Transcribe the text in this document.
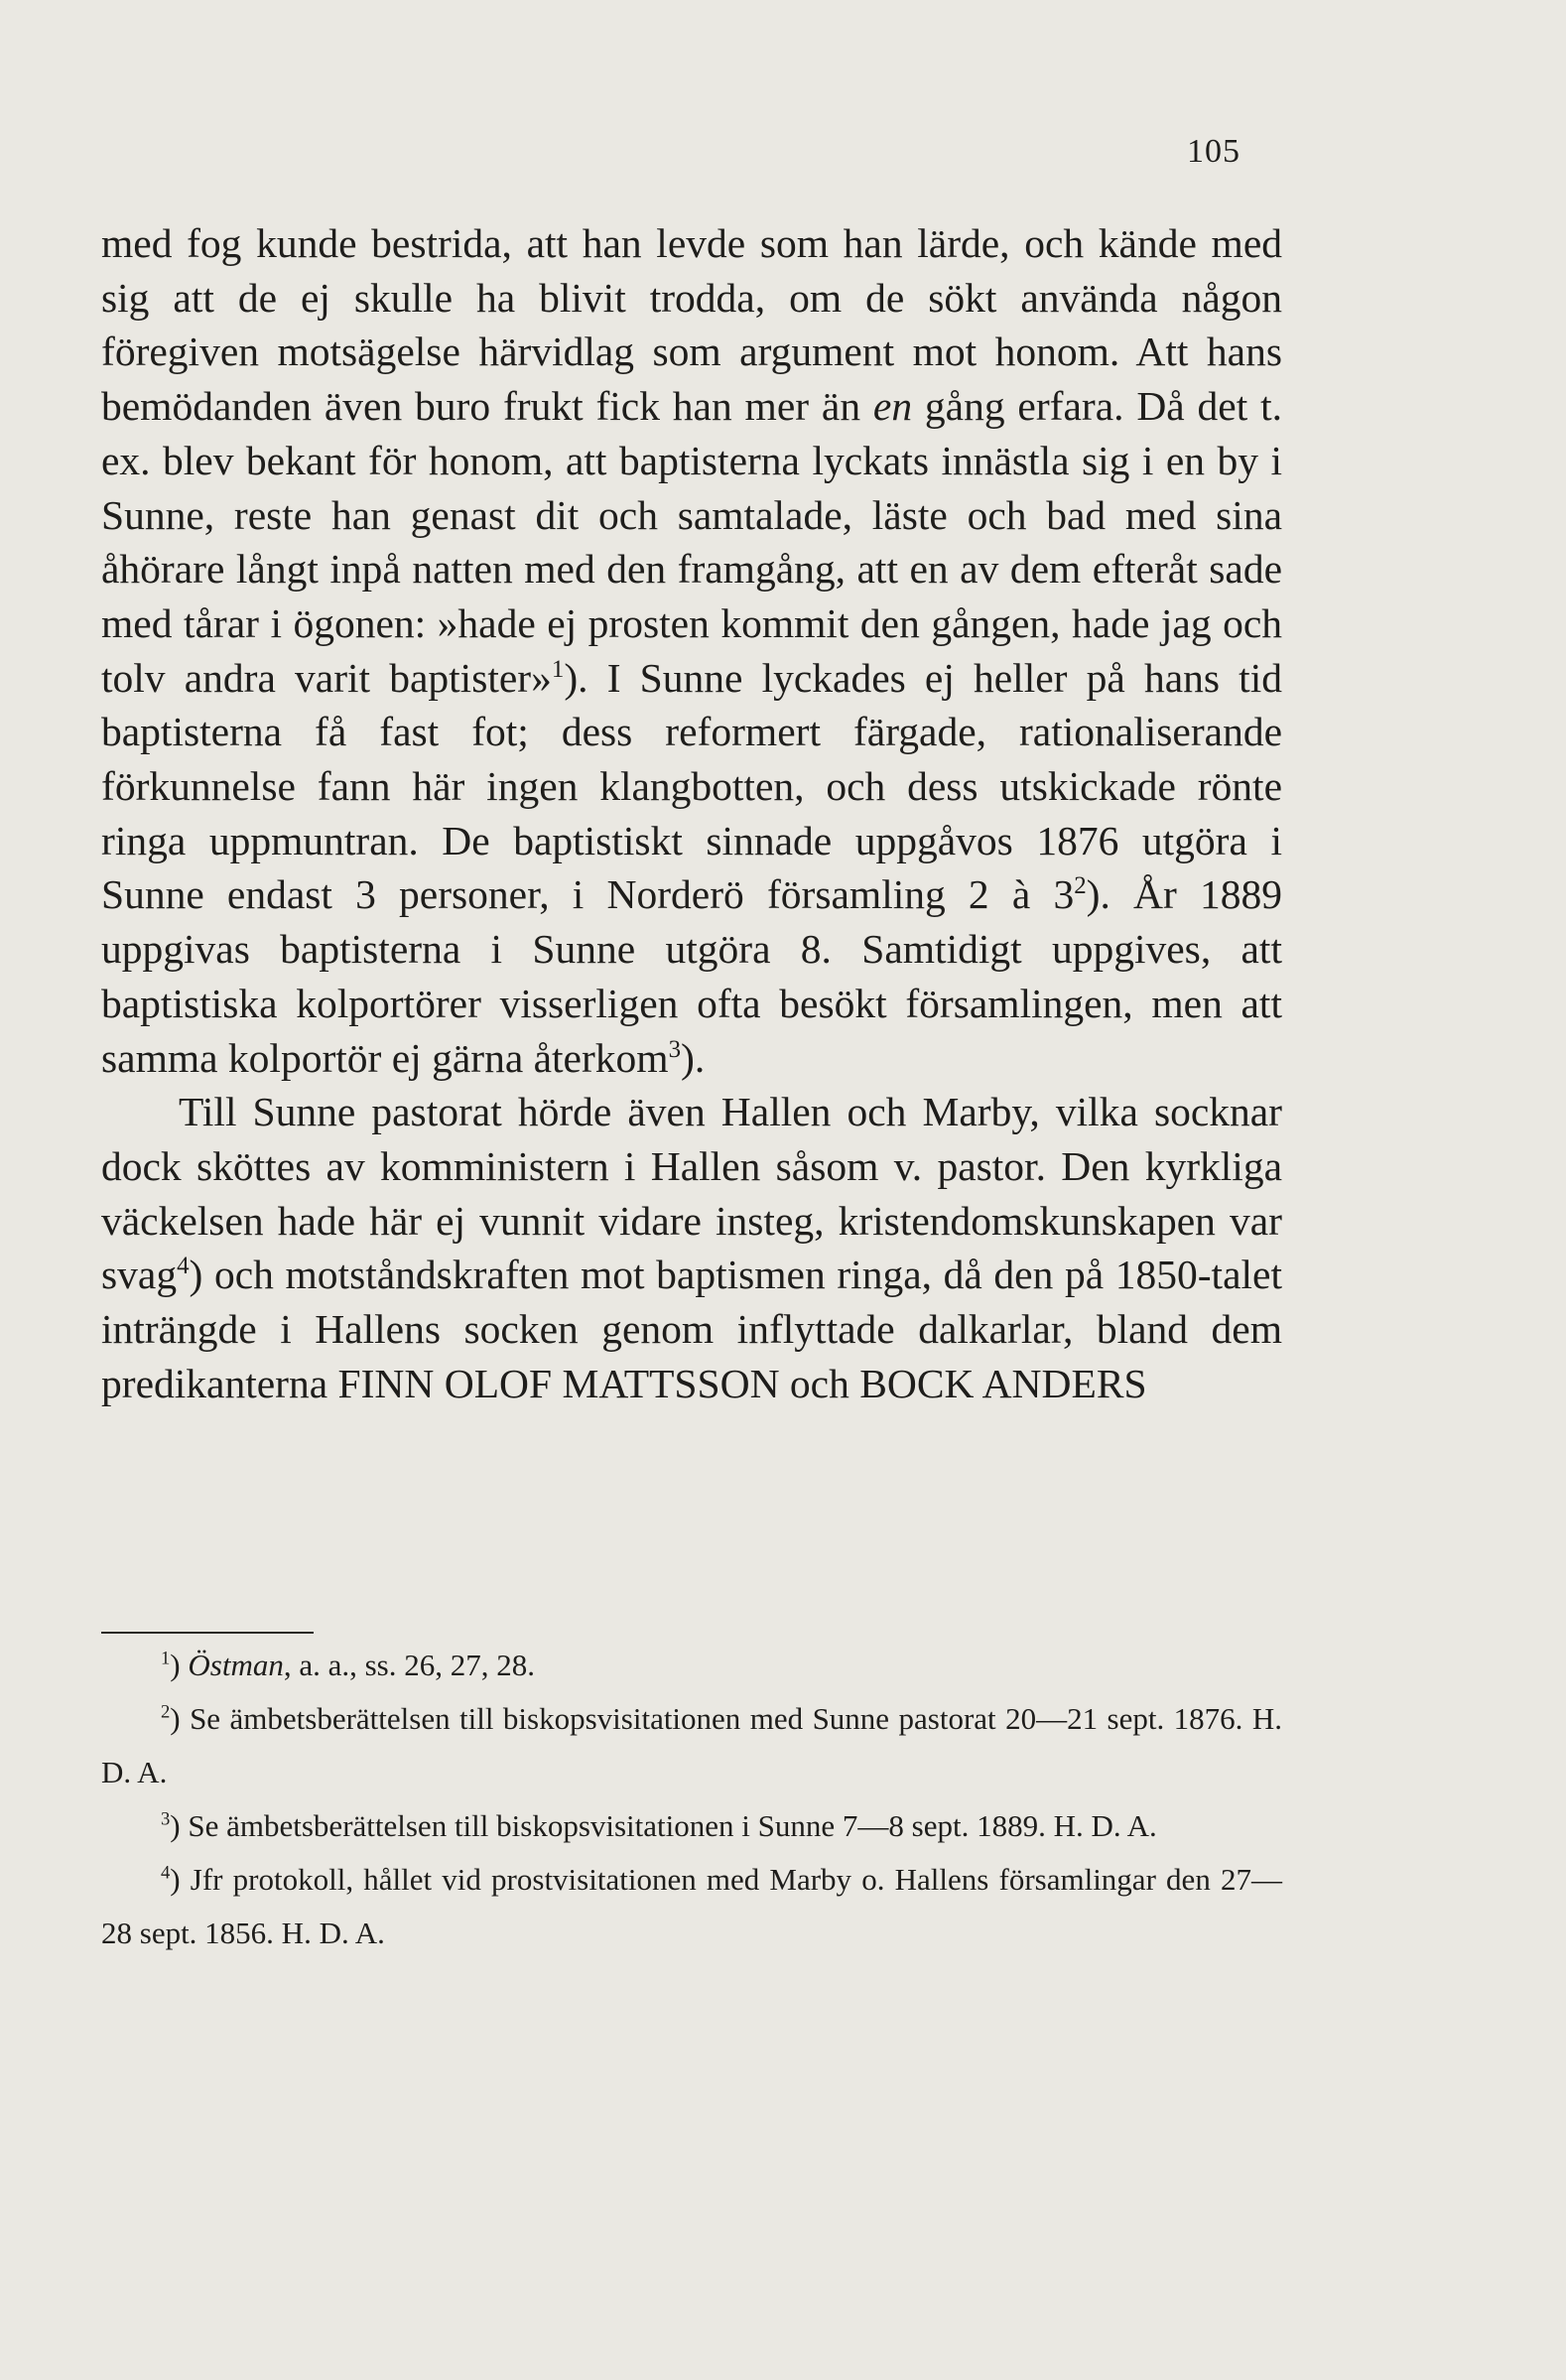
105

med fog kunde bestrida, att han levde som han lärde, och kände med sig att de ej skulle ha blivit trodda, om de sökt använda någon föregiven motsägelse härvidlag som argument mot honom. Att hans bemödanden även buro frukt fick han mer än en gång erfara. Då det t. ex. blev bekant för honom, att baptisterna lyckats innästla sig i en by i Sunne, reste han genast dit och samtalade, läste och bad med sina åhörare långt inpå natten med den framgång, att en av dem efteråt sade med tårar i ögonen: »hade ej prosten kommit den gången, hade jag och tolv andra varit baptister»$^1$). I Sunne lyckades ej heller på hans tid baptisterna få fast fot; dess reformert färgade, rationaliserande förkunnelse fann här ingen klangbotten, och dess utskickade rönte ringa uppmuntran. De baptistiskt sinnade uppgåvos 1876 utgöra i Sunne endast 3 personer, i Norderö församling 2 à $3^2$). År 1889 uppgivas baptisterna i Sunne utgöra 8. Samtidigt uppgives, att baptistiska kolportörer visserligen ofta besökt församlingen, men att samma kolportör ej gärna återkom$^3$).

Till Sunne pastorat hörde även Hallen och Marby, vilka socknar dock sköttes av komministern i Hallen såsom v. pastor. Den kyrkliga väckelsen hade här ej vunnit vidare insteg, kristendomskunskapen var svag$^4$) och motståndskraften mot baptismen ringa, då den på 1850-talet inträngde i Hallens socken genom inflyttade dalkarlar, bland dem predikanterna FINN OLOF MATTSSON och BOCK ANDERS

$^1$) Östman, a. a., ss. 26, 27, 28.

$^2$) Se ämbetsberättelsen till biskopsvisitationen med Sunne pastorat 20—21 sept. 1876. H. D. A.

$^3$) Se ämbetsberättelsen till biskopsvisitationen i Sunne 7—8 sept. 1889. H. D. A.

$^4$) Jfr protokoll, hållet vid prostvisitationen med Marby o. Hallens församlingar den 27—28 sept. 1856. H. D. A.
